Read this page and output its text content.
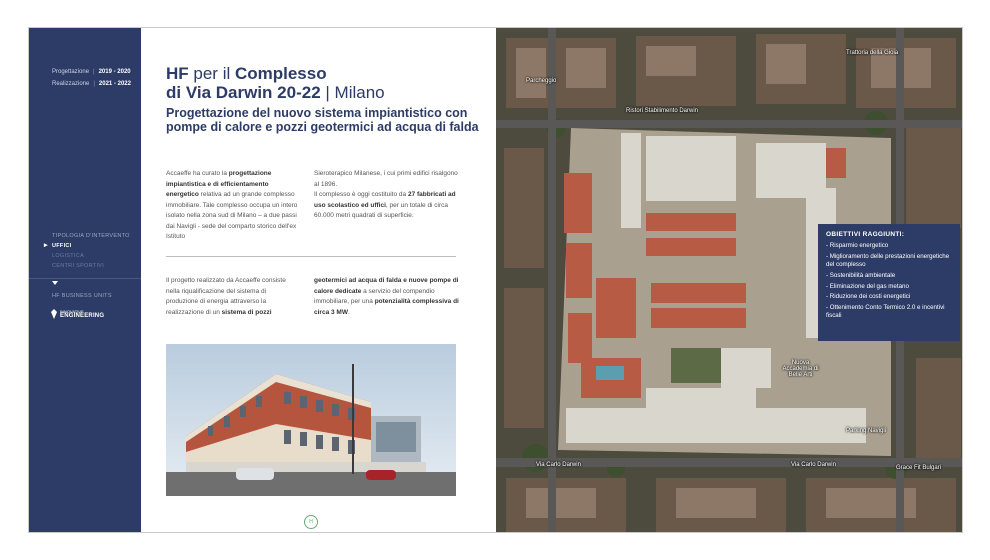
Progettazione | 2019 - 2020
Realizzazione | 2021 - 2022
TIPOLOGIA D'INTERVENTO
▸ UFFICI
LOGISTICA
CENTRI SPORTIVI
HF BUSINESS UNITS
INNOVATIVE
ENGINEERING
HF per il Complesso
di Via Darwin 20-22 | Milano
Progettazione del nuovo sistema impiantistico con pompe di calore e pozzi geotermici ad acqua di falda
Accaeffe ha curato la progettazione impiantistica e di efficientamento energetico relativa ad un grande complesso immobiliare. Tale complesso occupa un intero isolato nella zona sud di Milano – a due passi dai Navigli - sede del comparto storico dell'ex Istituto
Sieroterapico Milanese, i cui primi edifici risalgono al 1896.
Il complesso è oggi costituito da 27 fabbricati ad uso scolastico ed uffici, per un totale di circa 60.000 metri quadrati di superficie.
Il progetto realizzato da Accaeffe consiste nella riqualificazione del sistema di produzione di energia attraverso la realizzazione di un sistema di pozzi
geotermici ad acqua di falda e nuove pompe di calore dedicate a servizio del compendio immobiliare, per una potenzialità complessiva di circa 3 MW.
H
Trattoria della Gioia
Parcheggio
Ristori Stabilimento Darwin
Nuova Accademia di Belle Arti
Parking Navigli
Via Carlo Darwin	Via Carlo Darwin	Grace Fit Bulgari
OBIETTIVI RAGGIUNTI:
- Risparmio energetico
- Miglioramento delle prestazioni energetiche del complesso
- Sostenibilità ambientale
- Eliminazione del gas metano
- Riduzione dei costi energetici
- Ottenimento Conto Termico 2.0 e incentivi fiscali
